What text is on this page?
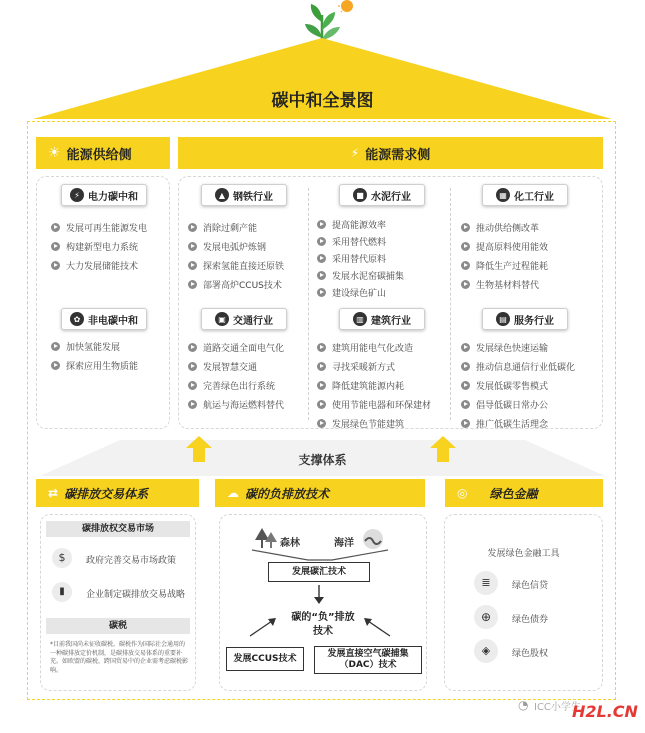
碳中和全景图
☀ 能源供给侧	⚡ 能源需求侧
⚡ 电力碳中和
发展可再生能源发电
构建新型电力系统
大力发展储能技术
✿ 非电碳中和
加快氢能发展
探索应用生物质能
▲ 钢铁行业
消除过剩产能
发展电弧炉炼钢
探索氢能直接还原铁
部署高炉CCUS技术
■ 水泥行业
提高能源效率
采用替代燃料
采用替代原料
发展水泥窑碳捕集
建设绿色矿山
▦ 化工行业
推动供给侧改革
提高原料使用能效
降低生产过程能耗
生物基材料替代
▣ 交通行业
道路交通全面电气化
发展智慧交通
完善绿色出行系统
航运与海运燃料替代
▥ 建筑行业
建筑用能电气化改造
寻找采暖新方式
降低建筑能源内耗
使用节能电器和环保建材
发展绿色节能建筑
▤ 服务行业
发展绿色快速运输
推动信息通信行业低碳化
发展低碳零售模式
倡导低碳日常办公
推广低碳生活理念
支撑体系
⇄ 碳排放交易体系	☁ 碳的负排放技术	◎ 绿色金融
碳排放权交易市场
$	政府完善交易市场政策
▮	企业制定碳排放交易战略
碳税
*目前我国尚未征收碳税。碳税作为国际社会通用的一种碳排放定价机制，是碳排放交易体系的重要补充。如欧盟的碳税，跨国贸易中的企业需考虑碳税影响。
森林	海洋
发展碳汇技术
碳的“负”排放
技术
发展CCUS技术	发展直接空气碳捕集
（DAC）技术
发展绿色金融工具
≣	绿色信贷
⊕	绿色债券
◈	绿色股权
◔ ICC小学生
H2L.CN
